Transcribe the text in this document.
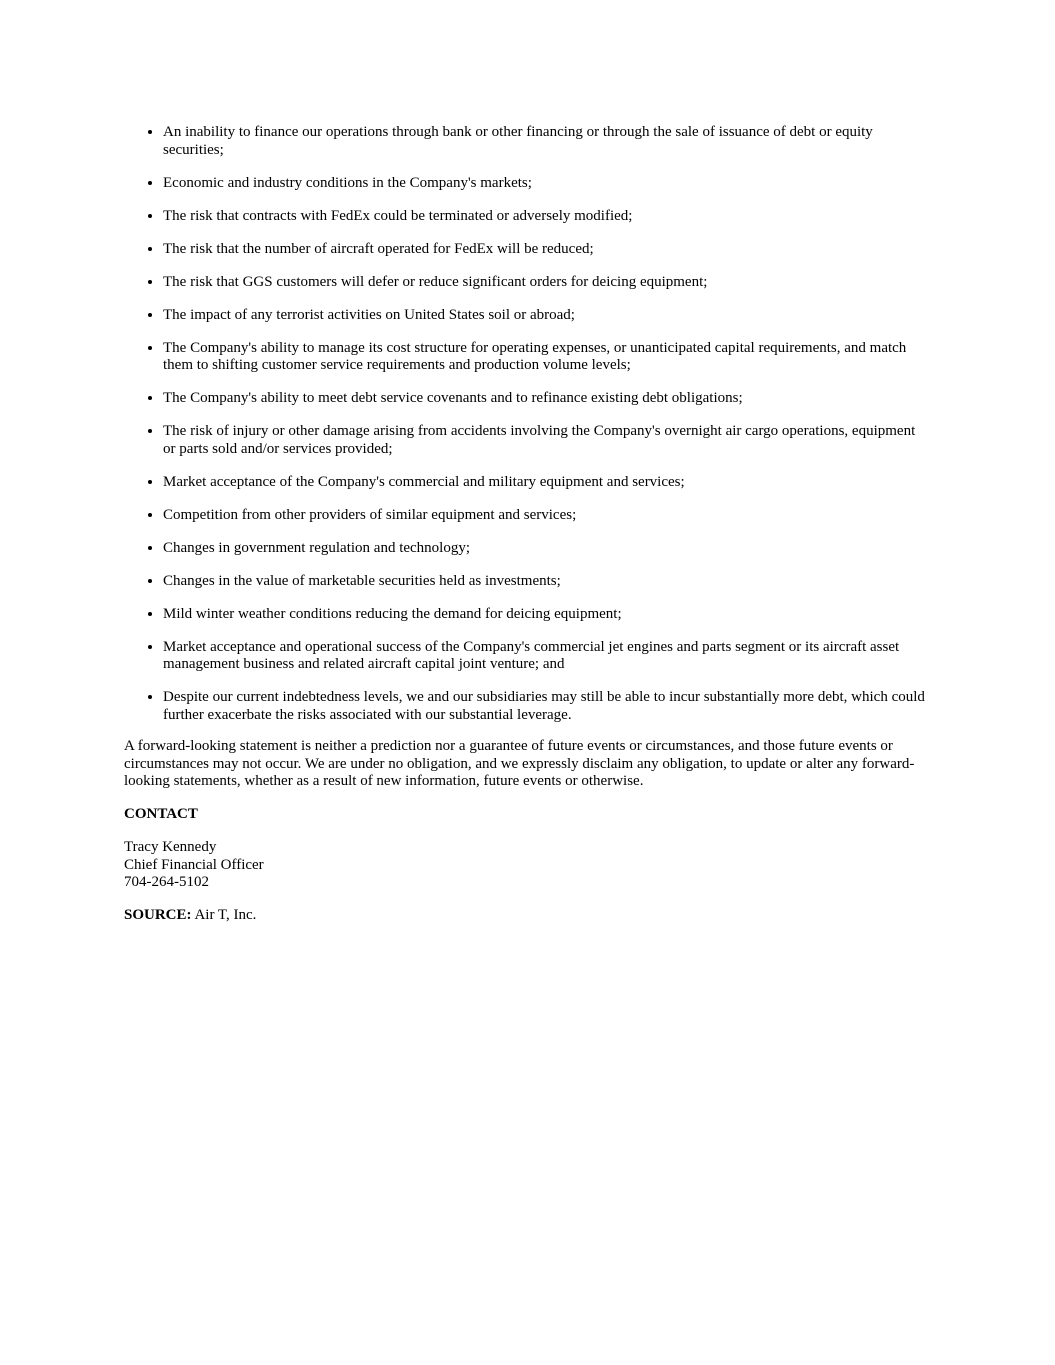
• An inability to finance our operations through bank or other financing or through the sale of issuance of debt or equity securities;
• Economic and industry conditions in the Company's markets;
• The risk that contracts with FedEx could be terminated or adversely modified;
• The risk that the number of aircraft operated for FedEx will be reduced;
• The risk that GGS customers will defer or reduce significant orders for deicing equipment;
• The impact of any terrorist activities on United States soil or abroad;
• The Company's ability to manage its cost structure for operating expenses, or unanticipated capital requirements, and match them to shifting customer service requirements and production volume levels;
• The Company's ability to meet debt service covenants and to refinance existing debt obligations;
• The risk of injury or other damage arising from accidents involving the Company's overnight air cargo operations, equipment or parts sold and/or services provided;
• Market acceptance of the Company's commercial and military equipment and services;
• Competition from other providers of similar equipment and services;
• Changes in government regulation and technology;
• Changes in the value of marketable securities held as investments;
• Mild winter weather conditions reducing the demand for deicing equipment;
• Market acceptance and operational success of the Company's commercial jet engines and parts segment or its aircraft asset management business and related aircraft capital joint venture; and
• Despite our current indebtedness levels, we and our subsidiaries may still be able to incur substantially more debt, which could further exacerbate the risks associated with our substantial leverage.

A forward-looking statement is neither a prediction nor a guarantee of future events or circumstances, and those future events or circumstances may not occur. We are under no obligation, and we expressly disclaim any obligation, to update or alter any forward-looking statements, whether as a result of new information, future events or otherwise.

CONTACT

Tracy Kennedy
Chief Financial Officer
704-264-5102

SOURCE: Air T, Inc.
